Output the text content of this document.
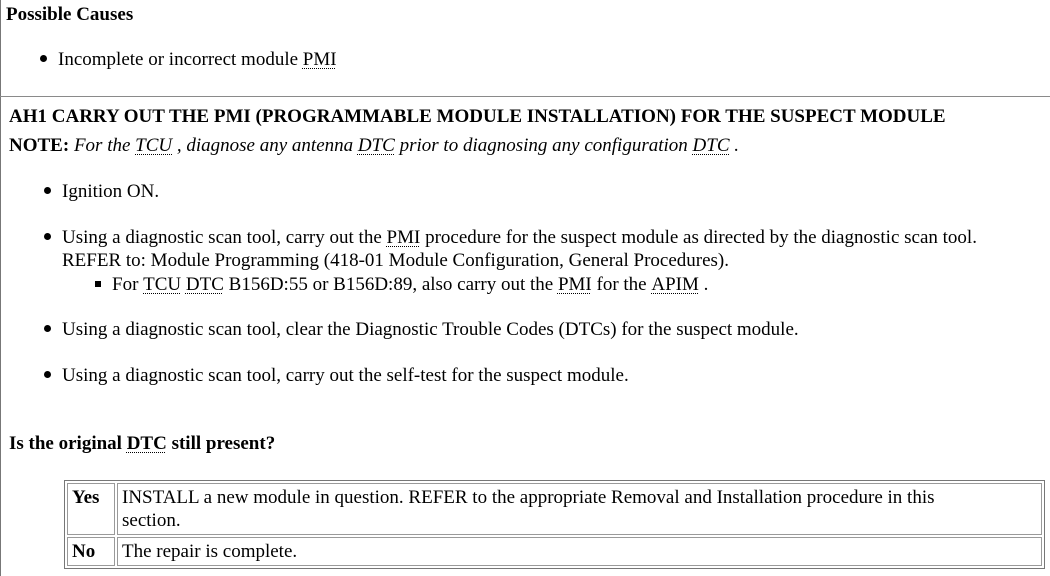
Possible Causes
Incomplete or incorrect module
PMI
AH1 CARRY OUT THE PMI (PROGRAMMABLE MODULE INSTALLATION) FOR THE SUSPECT MODULE
NOTE: For the TCU , diagnose any antenna DTC prior to diagnosing any configuration DTC .
Ignition ON.
Using a diagnostic scan tool, carry out the
PMI
procedure for the suspect module as directed by the diagnostic scan tool.
REFER to: Module Programming (418-01 Module Configuration, General Procedures).
For
TCU
DTC
B156D:55 or B156D:89, also carry out the
PMI
for the
APIM
.
Using a diagnostic scan tool, clear the Diagnostic Trouble Codes (DTCs) for the suspect module.
Using a diagnostic scan tool, carry out the self-test for the suspect module.
Is the original DTC still present?
Yes	INSTALL a new module in question. REFER to the appropriate Removal and Installation procedure in this
section.

No	The repair is complete.
